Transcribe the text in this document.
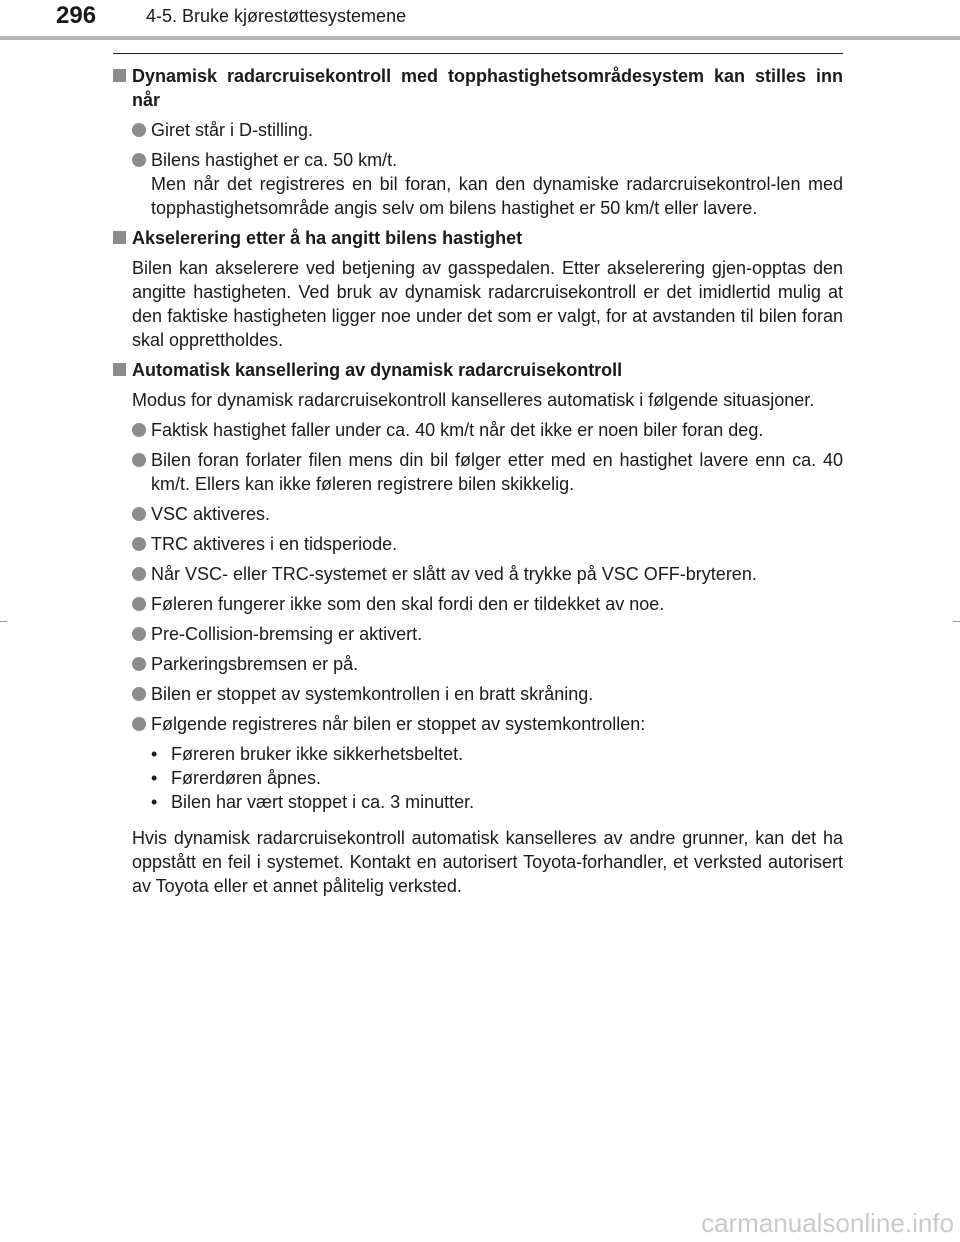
296	4-5. Bruke kjørestøttesystemene
Dynamisk radarcruisekontroll med topphastighetsområdesystem kan stilles inn når
Giret står i D-stilling.
Bilens hastighet er ca. 50 km/t.
Men når det registreres en bil foran, kan den dynamiske radarcruisekontrol-len med topphastighetsområde angis selv om bilens hastighet er 50 km/t eller lavere.
Akselerering etter å ha angitt bilens hastighet
Bilen kan akselerere ved betjening av gasspedalen. Etter akselerering gjen-opptas den angitte hastigheten. Ved bruk av dynamisk radarcruisekontroll er det imidlertid mulig at den faktiske hastigheten ligger noe under det som er valgt, for at avstanden til bilen foran skal opprettholdes.
Automatisk kansellering av dynamisk radarcruisekontroll
Modus for dynamisk radarcruisekontroll kanselleres automatisk i følgende situasjoner.
Faktisk hastighet faller under ca. 40 km/t når det ikke er noen biler foran deg.
Bilen foran forlater filen mens din bil følger etter med en hastighet lavere enn ca. 40 km/t. Ellers kan ikke føleren registrere bilen skikkelig.
VSC aktiveres.
TRC aktiveres i en tidsperiode.
Når VSC- eller TRC-systemet er slått av ved å trykke på VSC OFF-bryteren.
Føleren fungerer ikke som den skal fordi den er tildekket av noe.
Pre-Collision-bremsing er aktivert.
Parkeringsbremsen er på.
Bilen er stoppet av systemkontrollen i en bratt skråning.
Følgende registreres når bilen er stoppet av systemkontrollen:
• Føreren bruker ikke sikkerhetsbeltet.
• Førerdøren åpnes.
• Bilen har vært stoppet i ca. 3 minutter.
Hvis dynamisk radarcruisekontroll automatisk kanselleres av andre grunner, kan det ha oppstått en feil i systemet. Kontakt en autorisert Toyota-forhandler, et verksted autorisert av Toyota eller et annet pålitelig verksted.
carmanualsonline.info
